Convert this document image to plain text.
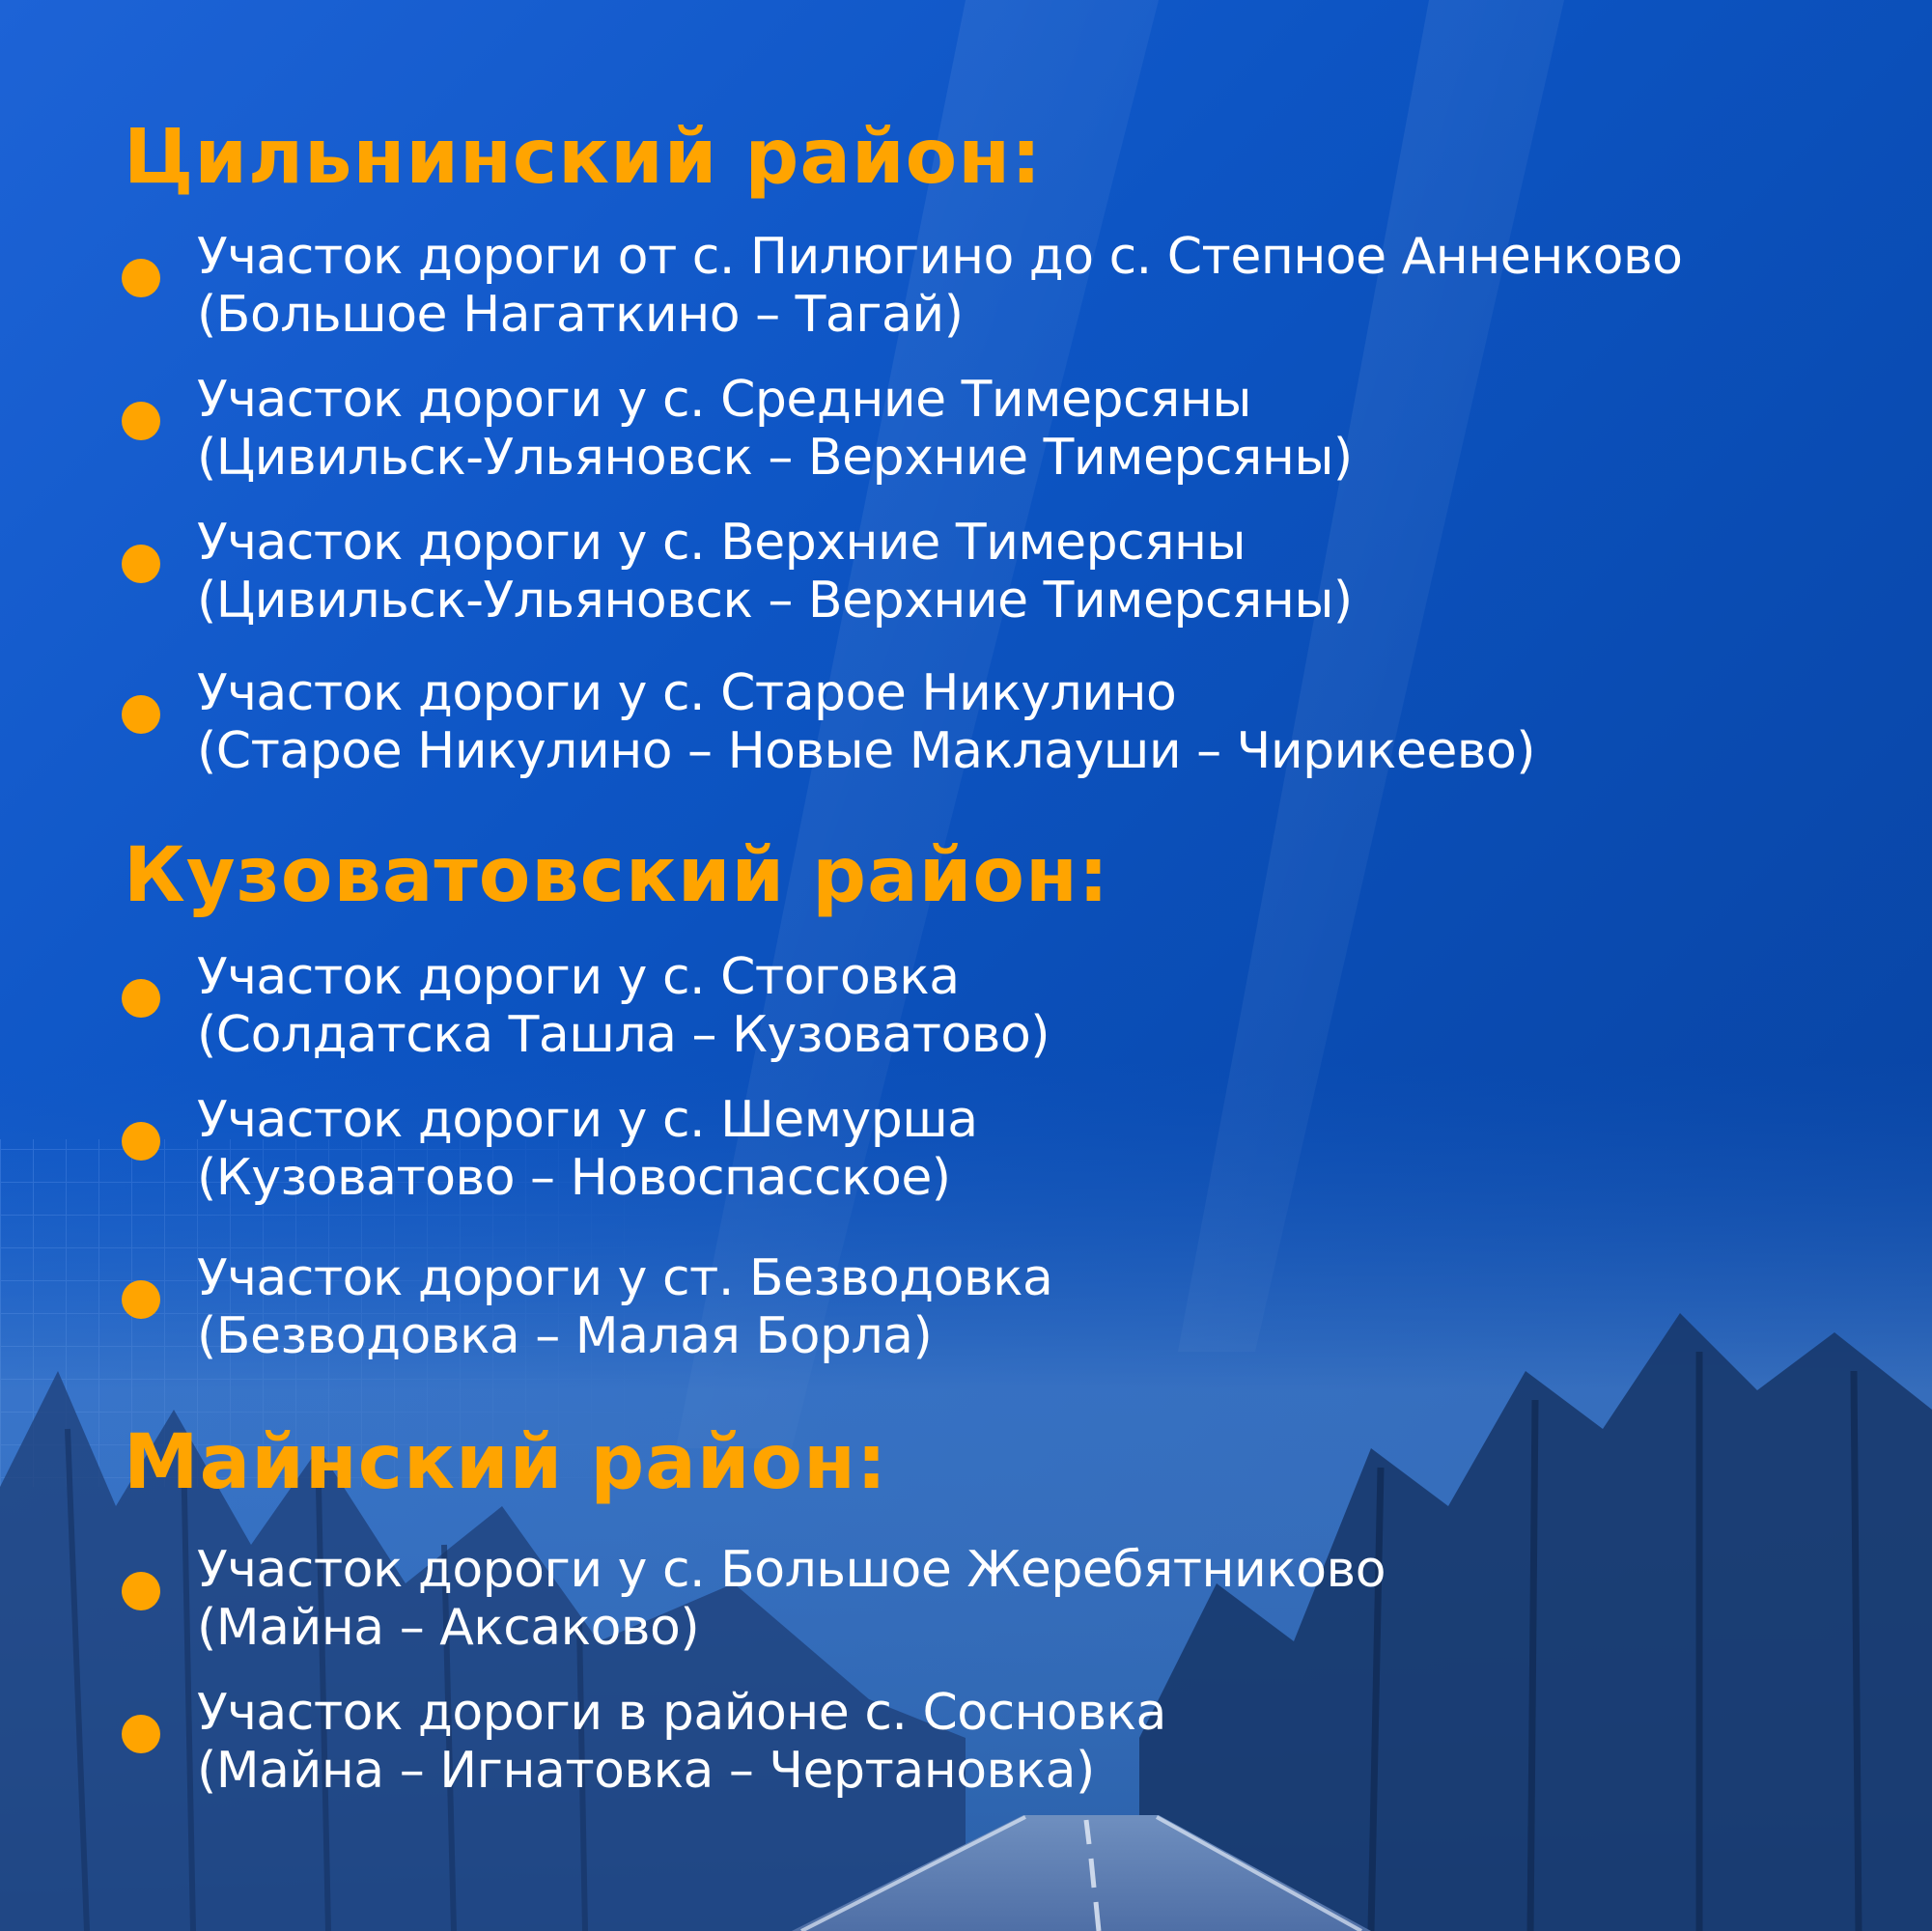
Цильнинский район:
Участок дороги от с. Пилюгино до с. Степное Анненково
(Большое Нагаткино – Тагай)
Участок дороги у с. Средние Тимерсяны
(Цивильск-Ульяновск – Верхние Тимерсяны)
Участок дороги у с. Верхние Тимерсяны
(Цивильск-Ульяновск – Верхние Тимерсяны)
Участок дороги у с. Старое Никулино
(Старое Никулино – Новые Маклауши – Чирикеево)
Кузоватовский район:
Участок дороги у с. Стоговка
(Солдатска Ташла – Кузоватово)
Участок дороги у с. Шемурша
(Кузоватово – Новоспасское)
Участок дороги у ст. Безводовка
(Безводовка – Малая Борла)
Майнский район:
Участок дороги у с. Большое Жеребятниково
(Майна – Аксаково)
Участок дороги в районе с. Сосновка
(Майна – Игнатовка – Чертановка)
